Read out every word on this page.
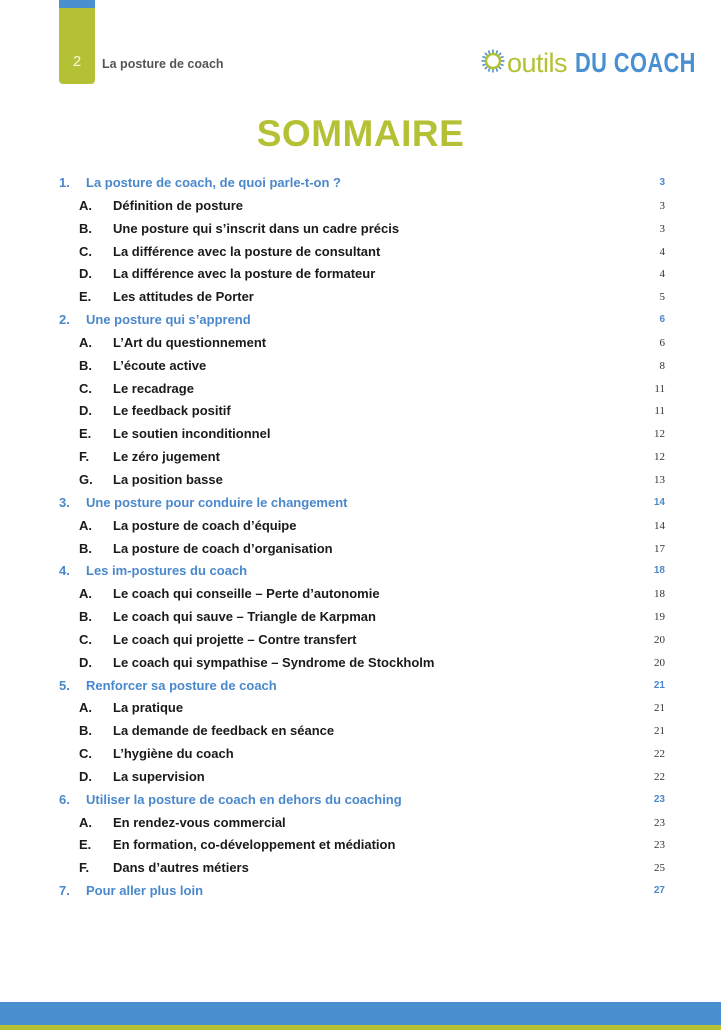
2	La posture de coach	outils DU COACH
SOMMAIRE
1. La posture de coach, de quoi parle-t-on ?	3
A. Définition de posture	3
B. Une posture qui s’inscrit dans un cadre précis	3
C. La différence avec la posture de consultant	4
D. La différence avec la posture de formateur	4
E. Les attitudes de Porter	5
2. Une posture qui s’apprend	6
A. L’Art du questionnement	6
B. L’écoute active	8
C. Le recadrage	11
D. Le feedback positif	11
E. Le soutien inconditionnel	12
F. Le zéro jugement	12
G. La position basse	13
3. Une posture pour conduire le changement	14
A. La posture de coach d’équipe	14
B. La posture de coach d’organisation	17
4. Les im-postures du coach	18
A. Le coach qui conseille – Perte d’autonomie	18
B. Le coach qui sauve – Triangle de Karpman	19
C. Le coach qui projette – Contre transfert	20
D. Le coach qui sympathise – Syndrome de Stockholm	20
5. Renforcer sa posture de coach	21
A. La pratique	21
B. La demande de feedback en séance	21
C. L’hygiène du coach	22
D. La supervision	22
6. Utiliser la posture de coach en dehors du coaching	23
A. En rendez-vous commercial	23
E. En formation, co-développement et médiation	23
F. Dans d’autres métiers	25
7. Pour aller plus loin	27
